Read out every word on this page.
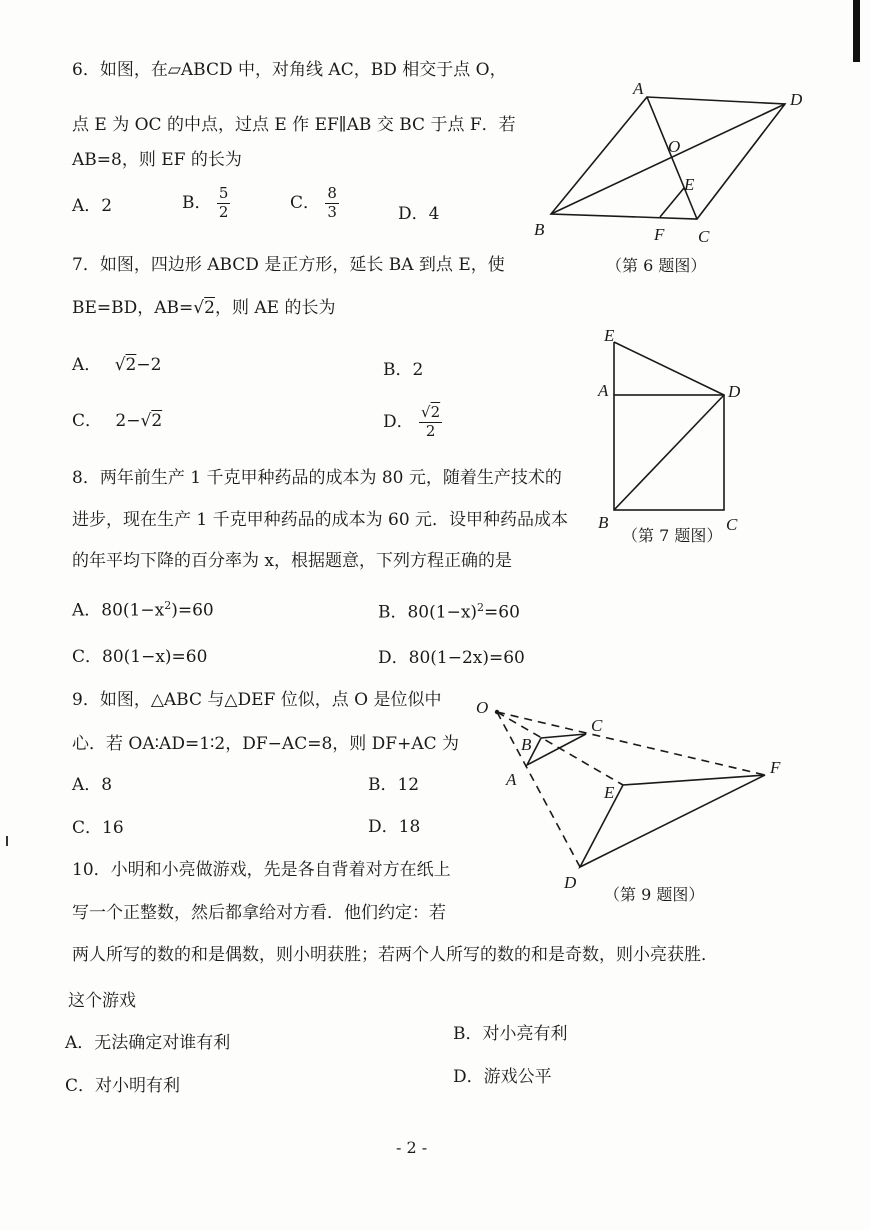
6．如图，在▱ABCD 中，对角线 AC，BD 相交于点 O，
点 E 为 OC 的中点，过点 E 作 EF∥AB 交 BC 于点 F．若
AB=8，则 EF 的长为
A．2	B． $\frac{5}{2}$	C． $\frac{8}{3}$	D．4
A
D
O
E
B	F C
（第 6 题图）
7．如图，四边形 ABCD 是正方形，延长 BA 到点 E，使
BE=BD，AB=√2，则 AE 的长为
A． √2−2	B．2
C． 2−√2	D． $\frac{√2}{2}$
E
A	D
B	C
（第 7 题图）
8．两年前生产 1 千克甲种药品的成本为 80 元，随着生产技术的
进步，现在生产 1 千克甲种药品的成本为 60 元．设甲种药品成本
的年平均下降的百分率为 x，根据题意，下列方程正确的是
A．$80(1-x^2)=60$	B．$80(1-x)^2=60$
C．80(1−x)=60	D．80(1−2x)=60
9．如图，△ABC 与△DEF 位似，点 O 是位似中
心．若 OA∶AD=1∶2，DF−AC=8，则 DF+AC 为
A．8	B．12
C．16	D．18
O
C
B
A
F
E
D
（第 9 题图）
10．小明和小亮做游戏，先是各自背着对方在纸上
写一个正整数，然后都拿给对方看．他们约定：若
两人所写的数的和是偶数，则小明获胜；若两个人所写的数的和是奇数，则小亮获胜．
这个游戏
A．无法确定对谁有利	B．对小亮有利
C．对小明有利	D．游戏公平
- 2 -
